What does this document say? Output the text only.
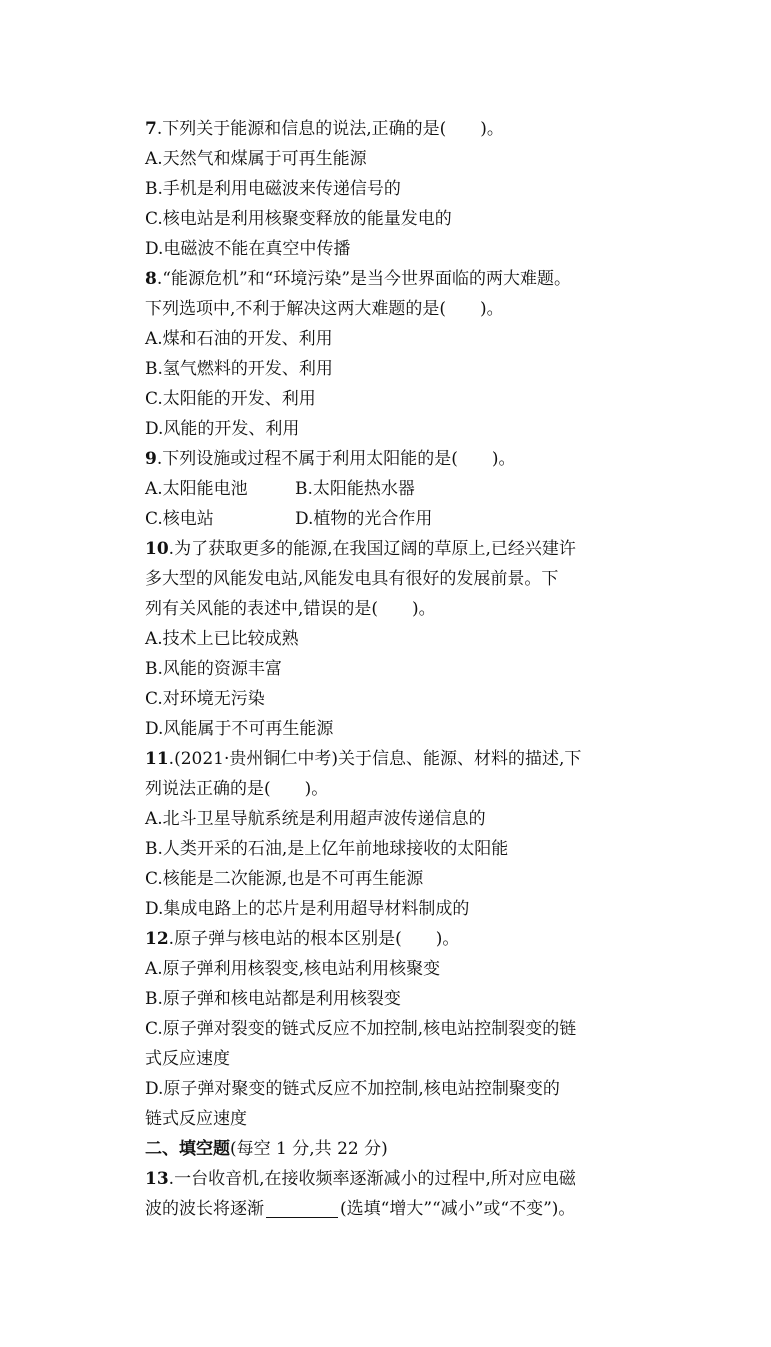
7.下列关于能源和信息的说法,正确的是(　　)。
A.天然气和煤属于可再生能源
B.手机是利用电磁波来传递信号的
C.核电站是利用核聚变释放的能量发电的
D.电磁波不能在真空中传播
8.“能源危机”和“环境污染”是当今世界面临的两大难题。
下列选项中,不利于解决这两大难题的是(　　)。
A.煤和石油的开发、利用
B.氢气燃料的开发、利用
C.太阳能的开发、利用
D.风能的开发、利用
9.下列设施或过程不属于利用太阳能的是(　　)。
A.太阳能电池	B.太阳能热水器
C.核电站	D.植物的光合作用
10.为了获取更多的能源,在我国辽阔的草原上,已经兴建许
多大型的风能发电站,风能发电具有很好的发展前景。下
列有关风能的表述中,错误的是(　　)。
A.技术上已比较成熟
B.风能的资源丰富
C.对环境无污染
D.风能属于不可再生能源
11.(2021·贵州铜仁中考)关于信息、能源、材料的描述,下
列说法正确的是(　　)。
A.北斗卫星导航系统是利用超声波传递信息的
B.人类开采的石油,是上亿年前地球接收的太阳能
C.核能是二次能源,也是不可再生能源
D.集成电路上的芯片是利用超导材料制成的
12.原子弹与核电站的根本区别是(　　)。
A.原子弹利用核裂变,核电站利用核聚变
B.原子弹和核电站都是利用核裂变
C.原子弹对裂变的链式反应不加控制,核电站控制裂变的链
式反应速度
D.原子弹对聚变的链式反应不加控制,核电站控制聚变的
链式反应速度
二、填空题(每空 1 分,共 22 分)
13.一台收音机,在接收频率逐渐减小的过程中,所对应电磁
波的波长将逐渐	(选填“增大”“减小”或“不变”)。
